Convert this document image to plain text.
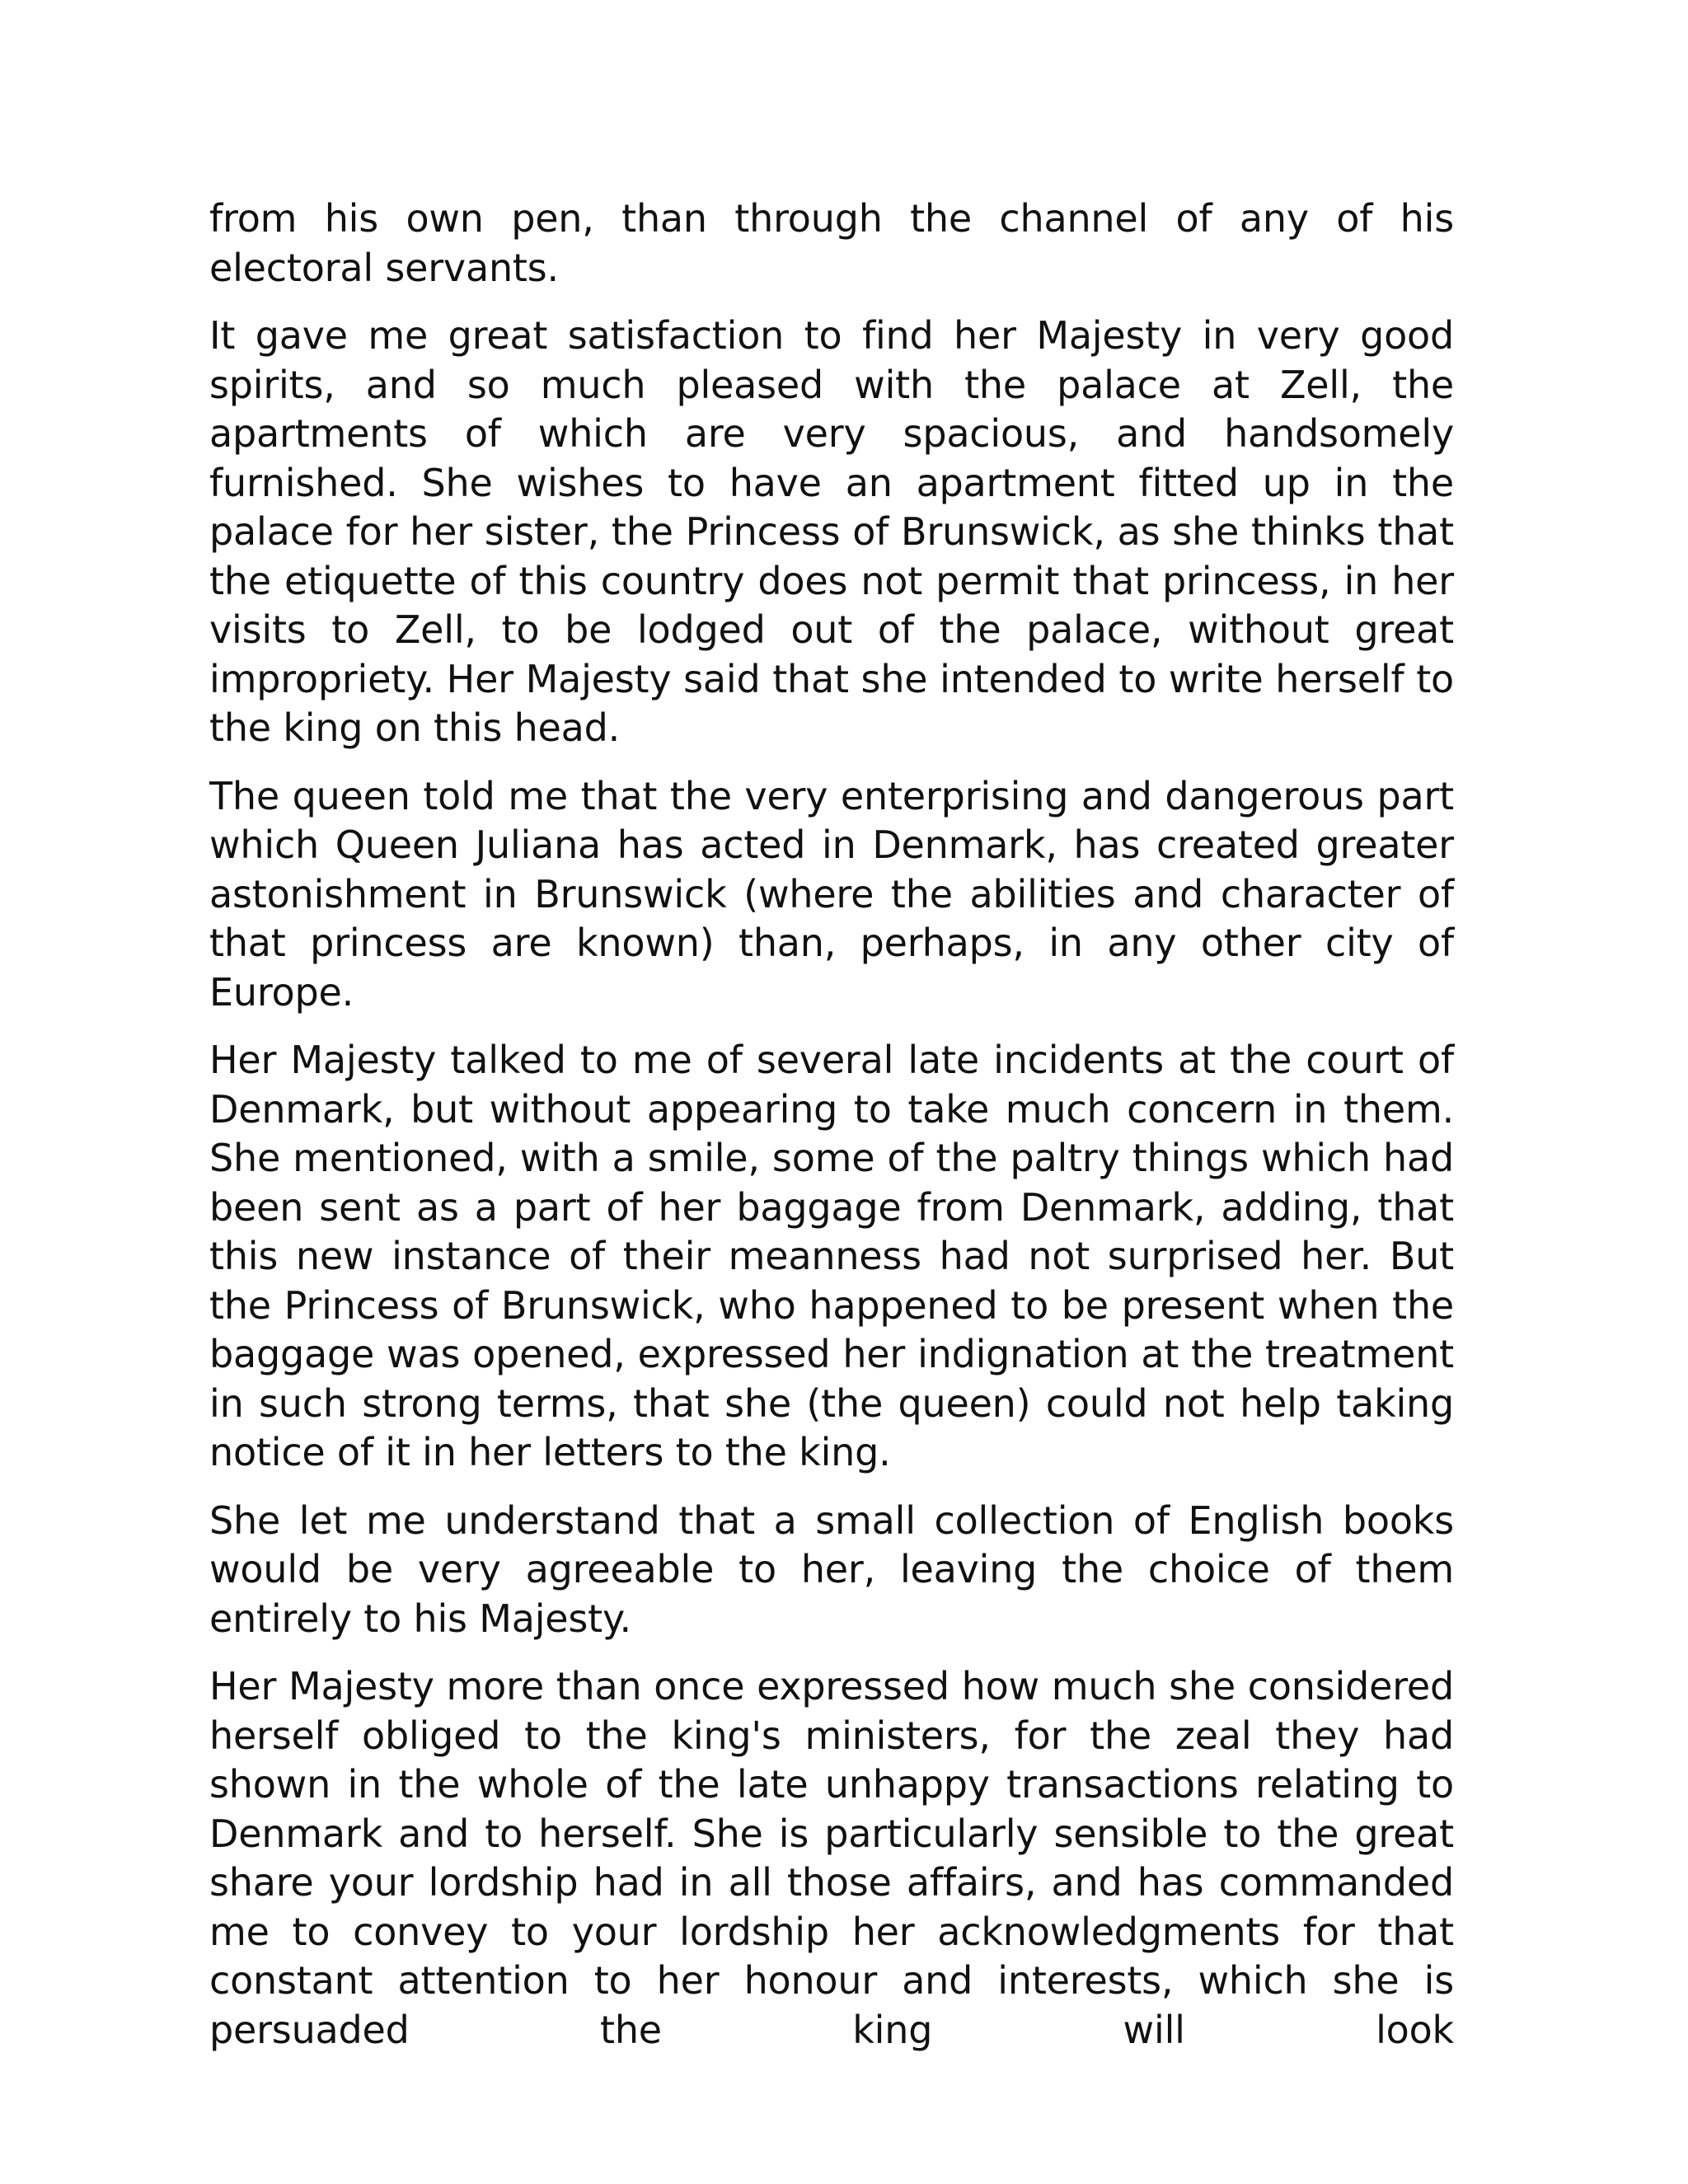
from his own pen, than through the channel of any of his electoral servants.

It gave me great satisfaction to find her Majesty in very good spirits, and so much pleased with the palace at Zell, the apartments of which are very spacious, and handsomely furnished. She wishes to have an apartment fitted up in the palace for her sister, the Princess of Brunswick, as she thinks that the etiquette of this country does not permit that princess, in her visits to Zell, to be lodged out of the palace, without great impropriety. Her Majesty said that she intended to write herself to the king on this head.

The queen told me that the very enterprising and dangerous part which Queen Juliana has acted in Denmark, has created greater astonishment in Brunswick (where the abilities and character of that princess are known) than, perhaps, in any other city of Europe.

Her Majesty talked to me of several late incidents at the court of Denmark, but without appearing to take much concern in them. She mentioned, with a smile, some of the paltry things which had been sent as a part of her baggage from Denmark, adding, that this new instance of their meanness had not surprised her. But the Princess of Brunswick, who happened to be present when the baggage was opened, expressed her indignation at the treatment in such strong terms, that she (the queen) could not help taking notice of it in her letters to the king.

She let me understand that a small collection of English books would be very agreeable to her, leaving the choice of them entirely to his Majesty.

Her Majesty more than once expressed how much she considered herself obliged to the king's ministers, for the zeal they had shown in the whole of the late unhappy transactions relating to Denmark and to herself. She is particularly sensible to the great share your lordship had in all those affairs, and has commanded me to convey to your lordship her acknowledgments for that constant attention to her honour and interests, which she is persuaded the king will look
